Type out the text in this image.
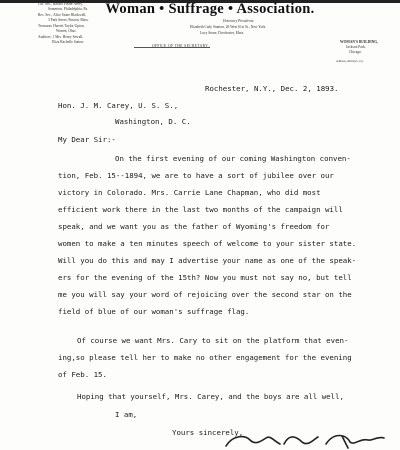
Cor. Sec., Rachel Foster Avery,
Somerton, Philadelphia, Pa.
Rec. Sec., Alice Stone Blackwell,
3 Park Street, Boston, Mass.
Treasurer, Harriet Taylor Upton,
Warren, Ohio.
Auditors: { Mrs. Henry Sewall,
Eliza Rachelle Sutton.
Woman • Suffrage • Association.
Honorary Presidents:
Elizabeth Cady Stanton, 26 West 61st St., New York.
Lucy Stone, Dorchester, Mass.
OFFICE OF THE SECRETARY.
WOMAN'S BUILDING,
Jackson Park,
Chicago.
Address, Albany's, n.y.
Rochester, N.Y., Dec. 2, 1893.
Hon. J. M. Carey, U. S. S.,
Washington, D. C.
My Dear Sir:-
On the first evening of our coming Washington conven-
tion, Feb. 15--1894, we are to have a sort of jubilee over our
victory in Colorado. Mrs. Carrie Lane Chapman, who did most
efficient work there in the last two months of the campaign will
speak, and we want you as the father of Wyoming's freedom for
women to make a ten minutes speech of welcome to your sister state.
Will you do this and may I advertise your name as one of the speak-
ers for the evening of the 15th? Now you must not say no, but tell
me you will say your word of rejoicing over the second star on the
field of blue of our woman's suffrage flag.
Of course we want Mrs. Cary to sit on the platform that even-
ing,so please tell her to make no other engagement for the evening
of Feb. 15.
Hoping that yourself, Mrs. Carey, and the boys are all well,
I am,
Yours sincerely,
